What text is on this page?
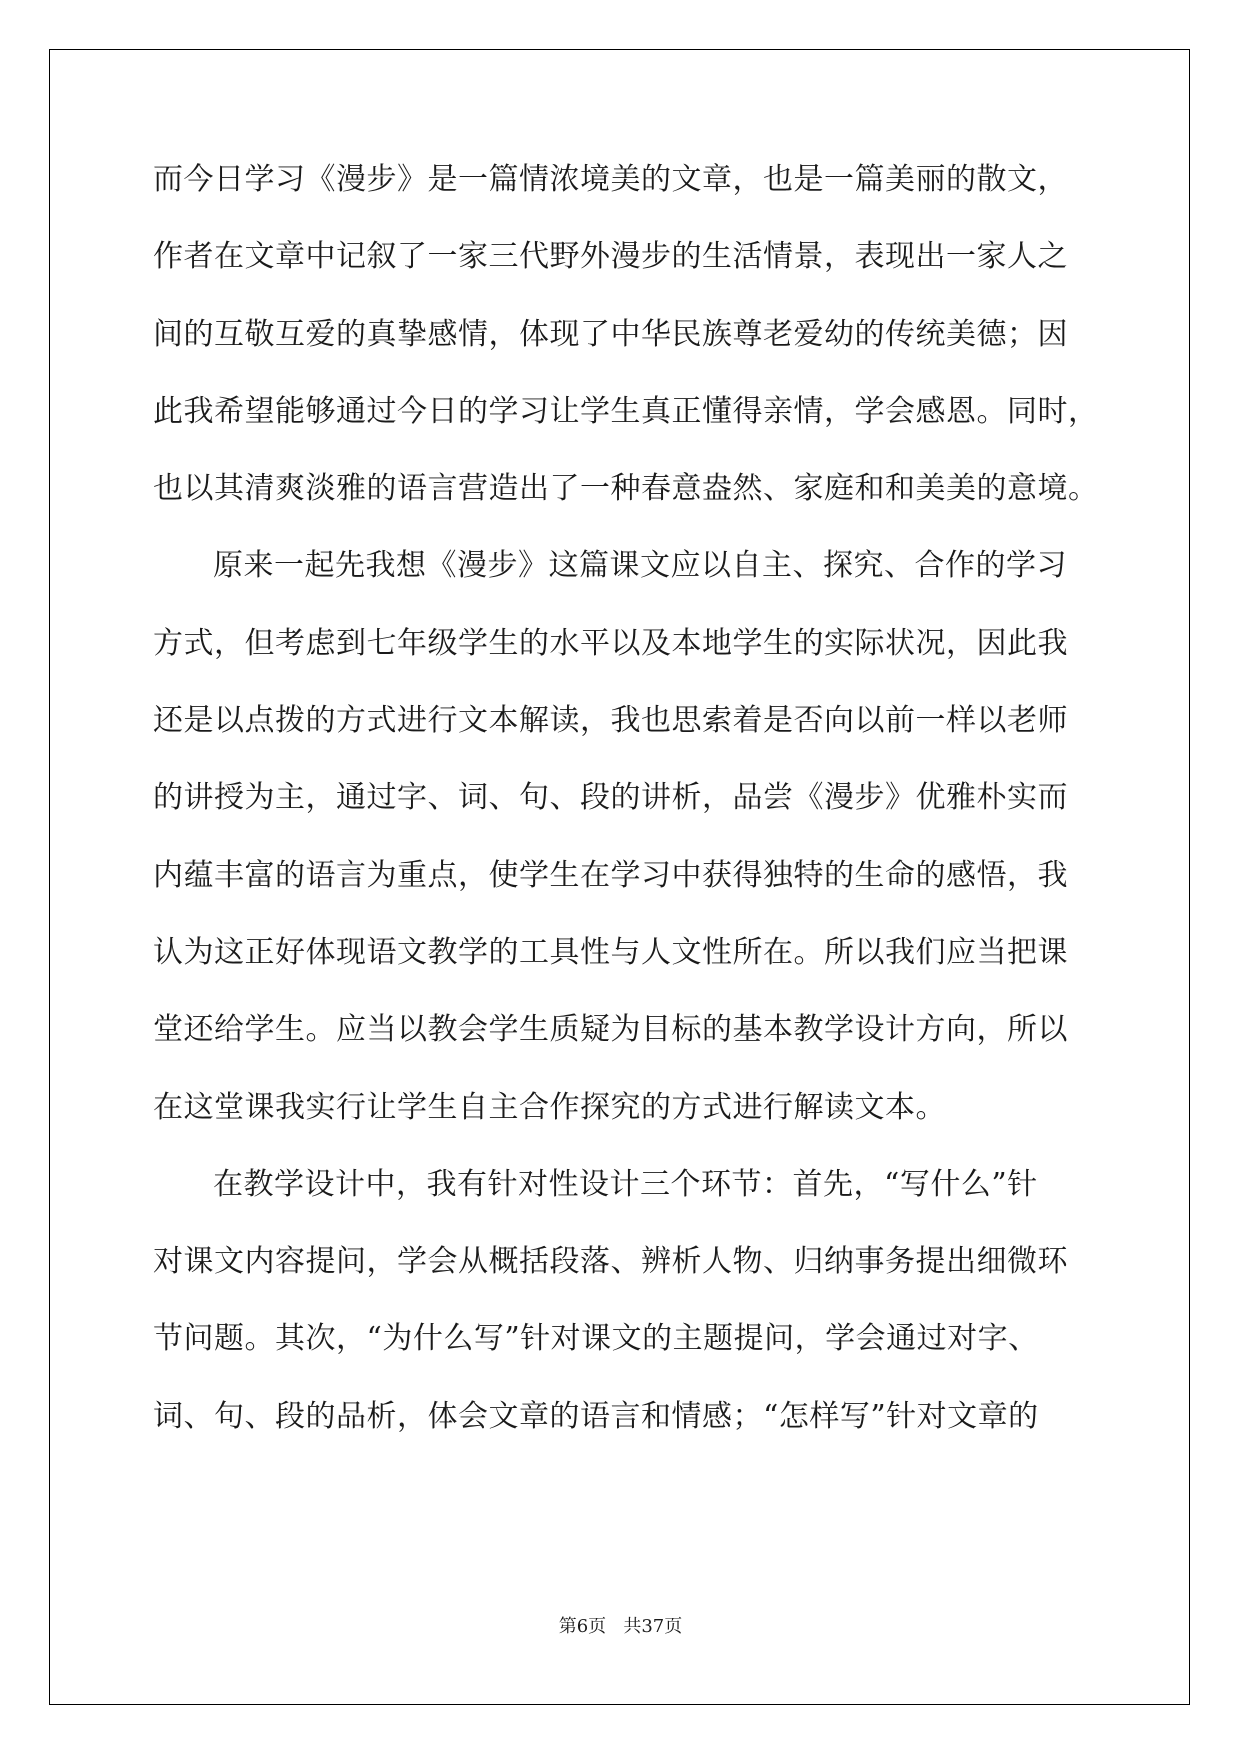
而今日学习《漫步》是一篇情浓境美的文章，也是一篇美丽的散文，
作者在文章中记叙了一家三代野外漫步的生活情景，表现出一家人之
间的互敬互爱的真挚感情，体现了中华民族尊老爱幼的传统美德；因
此我希望能够通过今日的学习让学生真正懂得亲情，学会感恩。同时，
也以其清爽淡雅的语言营造出了一种春意盎然、家庭和和美美的意境。
原来一起先我想《漫步》这篇课文应以自主、探究、合作的学习
方式，但考虑到七年级学生的水平以及本地学生的实际状况，因此我
还是以点拨的方式进行文本解读，我也思索着是否向以前一样以老师
的讲授为主，通过字、词、句、段的讲析，品尝《漫步》优雅朴实而
内蕴丰富的语言为重点，使学生在学习中获得独特的生命的感悟，我
认为这正好体现语文教学的工具性与人文性所在。所以我们应当把课
堂还给学生。应当以教会学生质疑为目标的基本教学设计方向，所以
在这堂课我实行让学生自主合作探究的方式进行解读文本。
在教学设计中，我有针对性设计三个环节：首先，“写什么”针
对课文内容提问，学会从概括段落、辨析人物、归纳事务提出细微环
节问题。其次，“为什么写”针对课文的主题提问，学会通过对字、
词、句、段的品析，体会文章的语言和情感；“怎样写”针对文章的
第6页   共37页
